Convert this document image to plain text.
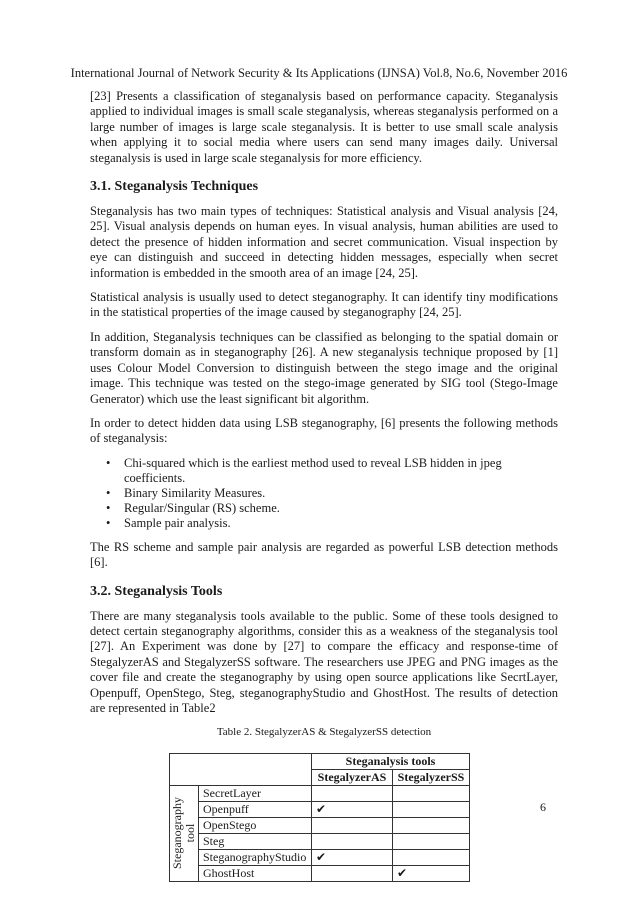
International Journal of Network Security & Its Applications (IJNSA) Vol.8, No.6, November 2016

[23] Presents a classification of steganalysis based on performance capacity. Steganalysis applied to individual images is small scale steganalysis, whereas steganalysis performed on a large number of images is large scale steganalysis. It is better to use small scale analysis when applying it to social media where users can send many images daily. Universal steganalysis is used in large scale steganalysis for more efficiency.

3.1. Steganalysis Techniques

Steganalysis has two main types of techniques: Statistical analysis and Visual analysis [24, 25]. Visual analysis depends on human eyes. In visual analysis, human abilities are used to detect the presence of hidden information and secret communication. Visual inspection by eye can distinguish and succeed in detecting hidden messages, especially when secret information is embedded in the smooth area of an image [24, 25].

Statistical analysis is usually used to detect steganography. It can identify tiny modifications in the statistical properties of the image caused by steganography [24, 25].

In addition, Steganalysis techniques can be classified as belonging to the spatial domain or transform domain as in steganography [26]. A new steganalysis technique proposed by [1] uses Colour Model Conversion to distinguish between the stego image and the original image. This technique was tested on the stego-image generated by SIG tool (Stego-Image Generator) which use the least significant bit algorithm.

In order to detect hidden data using LSB steganography, [6] presents the following methods of steganalysis:

• Chi-squared which is the earliest method used to reveal LSB hidden in jpeg coefficients.
• Binary Similarity Measures.
• Regular/Singular (RS) scheme.
• Sample pair analysis.

The RS scheme and sample pair analysis are regarded as powerful LSB detection methods [6].

3.2. Steganalysis Tools

There are many steganalysis tools available to the public. Some of these tools designed to detect certain steganography algorithms, consider this as a weakness of the steganalysis tool [27]. An Experiment was done by [27] to compare the efficacy and response-time of StegalyzerAS and StegalyzerSS software. The researchers use JPEG and PNG images as the cover file and create the steganography by using open source applications like SecrtLayer, Openpuff, OpenStego, Steg, steganographyStudio and GhostHost. The results of detection are represented in Table2

Table 2. StegalyzerAS & StegalyzerSS detection
		Steganalysis tools	
		StegalyzerAS	StegalyzerSS

Steganography tool	SecretLayer		
	Openpuff	✔	
	OpenStego		
	Steg		
	SteganographyStudio	✔	
	GhostHost		✔
6
